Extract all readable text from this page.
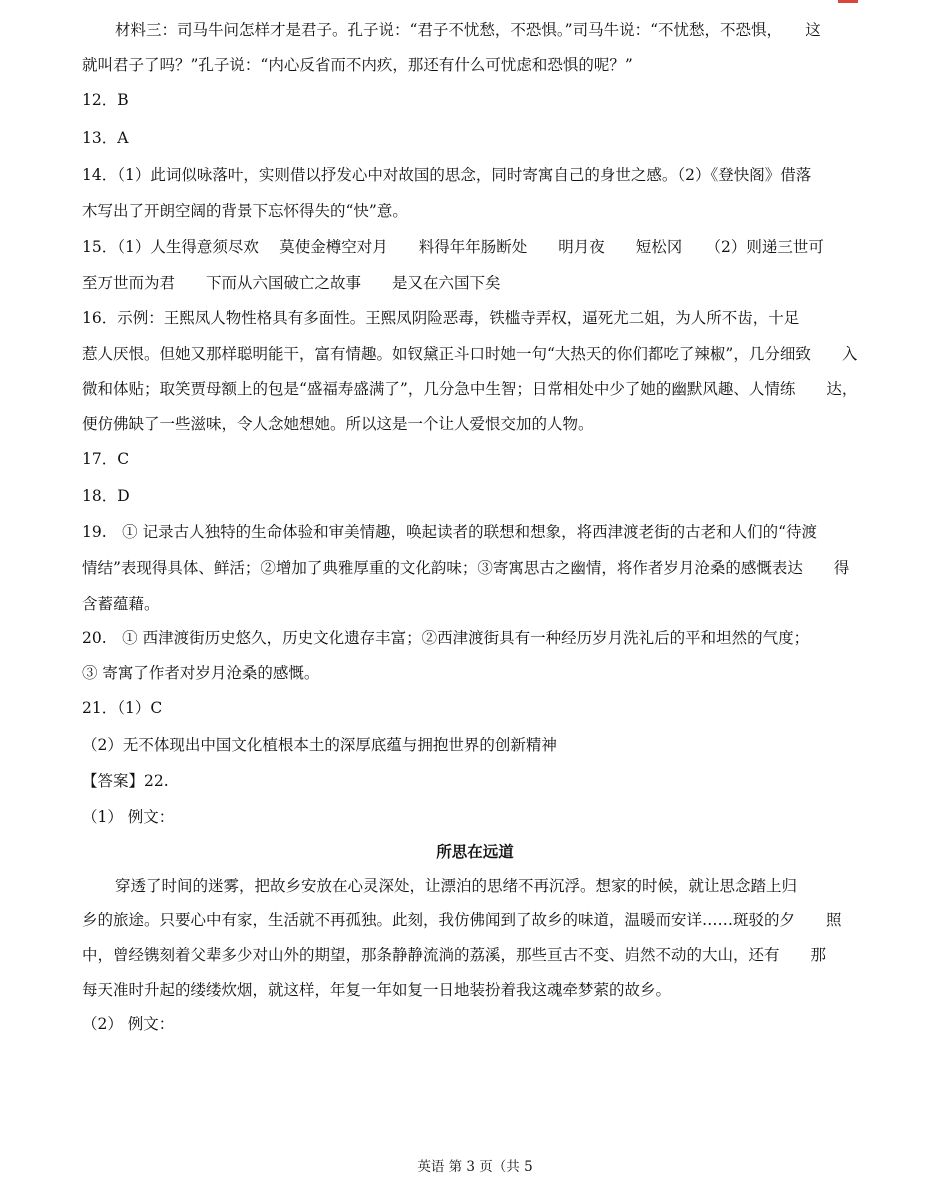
材料三：司马牛问怎样才是君子。孔子说：“君子不忧愁，不恐惧。”司马牛说：“不忧愁，不恐惧，　　这
就叫君子了吗？”孔子说：“内心反省而不内疚，那还有什么可忧虑和恐惧的呢？”
12．B
13．A
14．（1）此词似咏落叶，实则借以抒发心中对故国的思念，同时寄寓自己的身世之感。（2）《登快阁》借落
木写出了开朗空阔的背景下忘怀得失的“快”意。
15．（1）人生得意须尽欢　 莫使金樽空对月　　料得年年肠断处　　明月夜　　短松冈　　（2）则递三世可
至万世而为君　　下而从六国破亡之故事　　是又在六国下矣
16．示例：王熙凤人物性格具有多面性。王熙凤阴险恶毒，铁槛寺弄权，逼死尤二姐，为人所不齿，十足
惹人厌恨。但她又那样聪明能干，富有情趣。如钗黛正斗口时她一句“大热天的你们都吃了辣椒”，几分细致　　入
微和体贴；取笑贾母额上的包是“盛福寿盛满了”，几分急中生智；日常相处中少了她的幽默风趣、人情练　　达，
便仿佛缺了一些滋味，令人念她想她。所以这是一个让人爱恨交加的人物。
17．C
18．D
19.　① 记录古人独特的生命体验和审美情趣，唤起读者的联想和想象，将西津渡老街的古老和人们的“待渡
情结”表现得具体、鲜活；②增加了典雅厚重的文化韵味；③寄寓思古之幽情，将作者岁月沧桑的感慨表达　　得
含蓄蕴藉。
20.　① 西津渡街历史悠久，历史文化遗存丰富；②西津渡街具有一种经历岁月洗礼后的平和坦然的气度；
③ 寄寓了作者对岁月沧桑的感慨。
21．（1）C
（2）无不体现出中国文化植根本土的深厚底蕴与拥抱世界的创新精神
【答案】22.
（1） 例文：
所思在远道
穿透了时间的迷雾，把故乡安放在心灵深处，让漂泊的思绪不再沉浮。想家的时候，就让思念踏上归
乡的旅途。只要心中有家，生活就不再孤独。此刻，我仿佛闻到了故乡的味道，温暖而安详……斑驳的夕　　照
中，曾经镌刻着父辈多少对山外的期望，那条静静流淌的荔溪，那些亘古不变、岿然不动的大山，还有　　那
每天准时升起的缕缕炊烟，就这样，年复一年如复一日地装扮着我这魂牵梦萦的故乡。
（2） 例文：
英语 第 3 页（共 5
